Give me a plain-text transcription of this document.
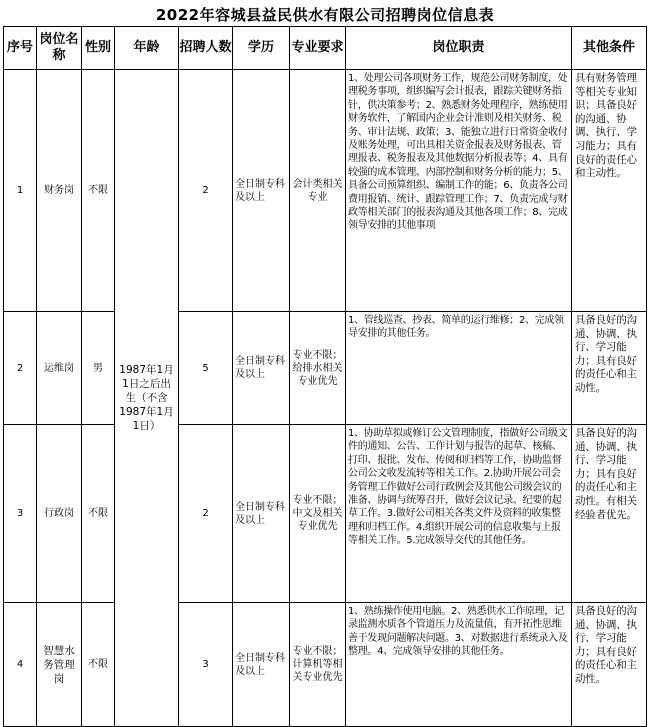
2022年容城县益民供水有限公司招聘岗位信息表
序号	岗位名称	性别	年龄	招聘人数	学历	专业要求	岗位职责	其他条件
1	财务岗	不限	1987年1月1日之后出生（不含1987年1月1日）	2	全日制专科及以上	会计类相关专业	1、处理公司各项财务工作，规范公司财务制度，处理税务事项，组织编写会计报表，跟踪关键财务指针，供决策参考；2、熟悉财务处理程序，熟练使用财务软件，了解国内企业会计准则及相关财务、税务、审计法规、政策；3、能独立进行日常资金收付及账务处理，可出具相关资金报表及财务报表、管理报表、税务报表及其他数据分析报表等；4、具有较强的成本管理、内部控制和财务分析的能力；5、具备公司预算组织、编制工作的能；6、负责各公司费用报销、统计、跟踪管理工作；7、负责完成与财政等相关部门的报表沟通及其他各项工作；8、完成领导安排的其他事项	具有财务管理等相关专业知识；具备良好的沟通、协调、执行、学习能力；具有良好的责任心和主动性。
2	运维岗	男		5	全日制专科及以上	专业不限；给排水相关专业优先	1、管线巡查、抄表、简单的运行维修；2、完成领导安排的其他任务。	具备良好的沟通、协调、执行、学习能力；具有良好的责任心和主动性。
3	行政岗	不限		2	全日制专科及以上	专业不限；中文及相关专业优先	1、协助草拟或修订公文管理制度，指做好公司级文件的通知、公告、工作计划与报告的起草、核稿、打印、报批、发布、传阅和归档等工作，协助监督公司公文收发流转等相关工作。2.协助开展公司会务管理工作做好公司行政例会及其他公司级会议的准备、协调与统筹召开，做好会议记录、纪要的起草工作。3.做好公司相关各类文件及资料的收集整理和归档工作。4.组织开展公司的信息收集与上报等相关工作。5.完成领导交代的其他任务。	具备良好的沟通、协调、执行、学习能力；具有良好的责任心和主动性。有相关经验者优先。
4	智慧水务管理岗	不限		3	全日制专科及以上	专业不限；计算机等相关专业优先	1、熟练操作使用电脑。2、熟悉供水工作原理，记录监测水质各个管道压力及流量值，有开拓性思维善于发现问题解决问题。3、对数据进行系统录入及整理。4、完成领导安排的其他任务。	具备良好的沟通、协调、执行、学习能力；具有良好的责任心和主动性。
